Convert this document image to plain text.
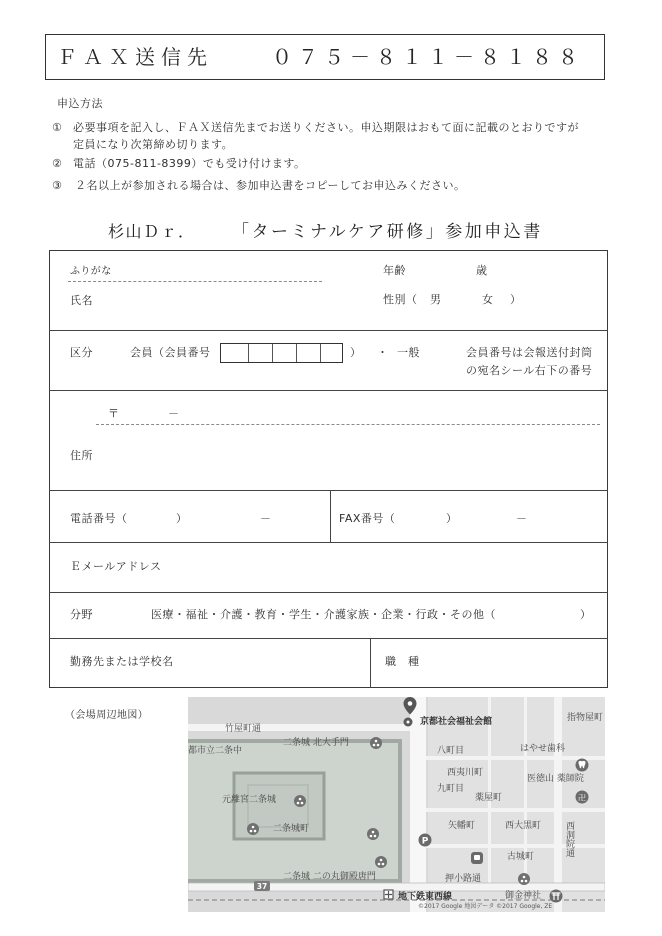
ＦＡＸ送信先	０７５－８１１－８１８８
申込方法
① 必要事項を記入し、ＦＡＸ送信先までお送りください。申込期限はおもて面に記載のとおりですが
定員になり次第締め切ります。
② 電話（075-811-8399）でも受け付けます。
③ ２名以上が参加される場合は、参加申込書をコピーしてお申込みください。
杉山Ｄｒ． 「ターミナルケア研修」参加申込書
ふりがな	年齢	歳
氏名	性別（ 男	女 ）
区分	会員（会員番号	） ・ 一般	会員番号は会報送付封筒
の宛名シール右下の番号
〒	－
住所
電話番号（	）	－	FAX番号（	）	－
Ｅメールアドレス
分野	医療・福祉・介護・教育・学生・介護家族・企業・行政・その他（	）
勤務先または学校名	職　種
（会場周辺地図）
P
卍
37
竹屋町通
京都社会福祉会館	指物屋町
都市立二条中
二条城 北大手門
八町目	はやせ歯科
西夷川町
医徳山 薬師院
九町目
薬屋町
元離宮二条城
二条城町	矢幡町	西大黒町
古城町
二条城 二の丸御殿唐門	押小路通
御金神社
地下鉄東西線
西洞院通
©2017 Google 地図データ ©2017 Google, ZE
